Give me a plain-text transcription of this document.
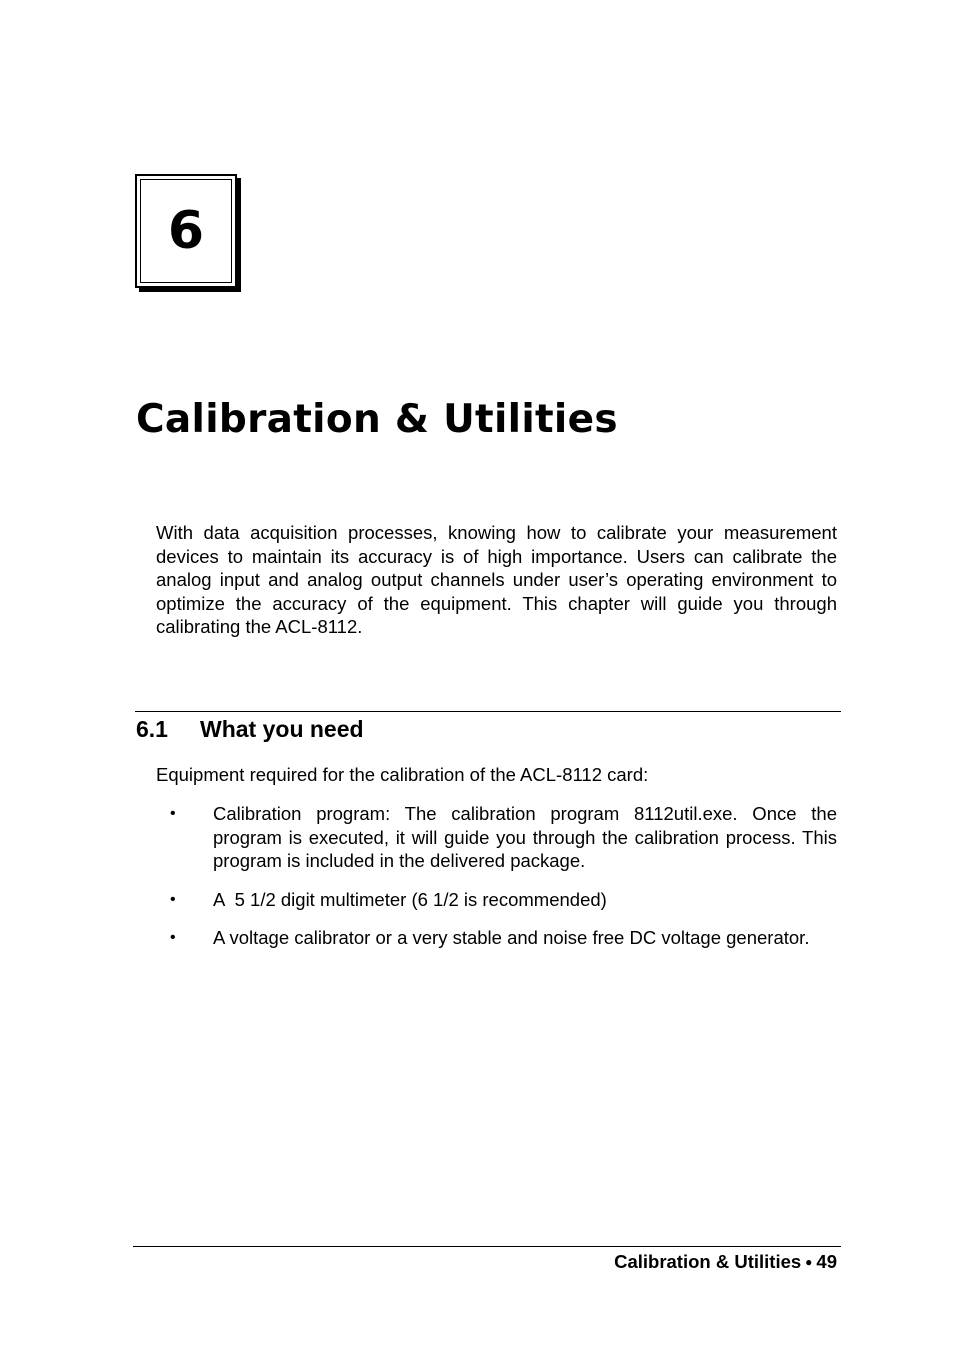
6
Calibration & Utilities

With data acquisition processes, knowing how to calibrate your measurement devices to maintain its accuracy is of high importance. Users can calibrate the analog input and analog output channels under user’s operating environment to optimize the accuracy of the equipment. This chapter will guide you through calibrating the ACL-8112.

6.1 What you need

Equipment required for the calibration of the ACL-8112 card:

•	Calibration program: The calibration program 8112util.exe. Once the program is executed, it will guide you through the calibration process. This program is included in the delivered package.
•	A  5 1/2 digit multimeter (6 1/2 is recommended)
•	A voltage calibrator or a very stable and noise free DC voltage generator.

Calibration & Utilities ● 49
